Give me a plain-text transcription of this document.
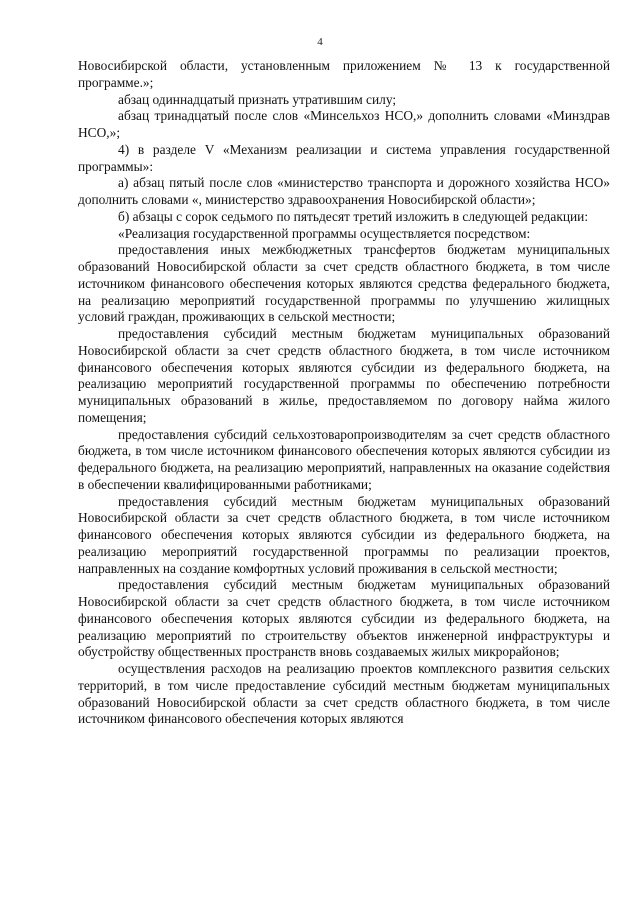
4

Новосибирской области, установленным приложением № 13 к государственной программе.»;

абзац одиннадцатый признать утратившим силу;

абзац тринадцатый после слов «Минсельхоз НСО,» дополнить словами «Минздрав НСО,»;

4) в разделе V «Механизм реализации и система управления государственной программы»:

а) абзац пятый после слов «министерство транспорта и дорожного хозяйства НСО» дополнить словами «, министерство здравоохранения Новосибирской области»;

б) абзацы с сорок седьмого по пятьдесят третий изложить в следующей редакции:

«Реализация государственной программы осуществляется посредством:

предоставления иных межбюджетных трансфертов бюджетам муниципальных образований Новосибирской области за счет средств областного бюджета, в том числе источником финансового обеспечения которых являются средства федерального бюджета, на реализацию мероприятий государственной программы по улучшению жилищных условий граждан, проживающих в сельской местности;

предоставления субсидий местным бюджетам муниципальных образований Новосибирской области за счет средств областного бюджета, в том числе источником финансового обеспечения которых являются субсидии из федерального бюджета, на реализацию мероприятий государственной программы по обеспечению потребности муниципальных образований в жилье, предоставляемом по договору найма жилого помещения;

предоставления субсидий сельхозтоваропроизводителям за счет средств областного бюджета, в том числе источником финансового обеспечения которых являются субсидии из федерального бюджета, на реализацию мероприятий, направленных на оказание содействия в обеспечении квалифицированными работниками;

предоставления субсидий местным бюджетам муниципальных образований Новосибирской области за счет средств областного бюджета, в том числе источником финансового обеспечения которых являются субсидии из федерального бюджета, на реализацию мероприятий государственной программы по реализации проектов, направленных на создание комфортных условий проживания в сельской местности;

предоставления субсидий местным бюджетам муниципальных образований Новосибирской области за счет средств областного бюджета, в том числе источником финансового обеспечения которых являются субсидии из федерального бюджета, на реализацию мероприятий по строительству объектов инженерной инфраструктуры и обустройству общественных пространств вновь создаваемых жилых микрорайонов;

осуществления расходов на реализацию проектов комплексного развития сельских территорий, в том числе предоставление субсидий местным бюджетам муниципальных образований Новосибирской области за счет средств областного бюджета, в том числе источником финансового обеспечения которых являются
